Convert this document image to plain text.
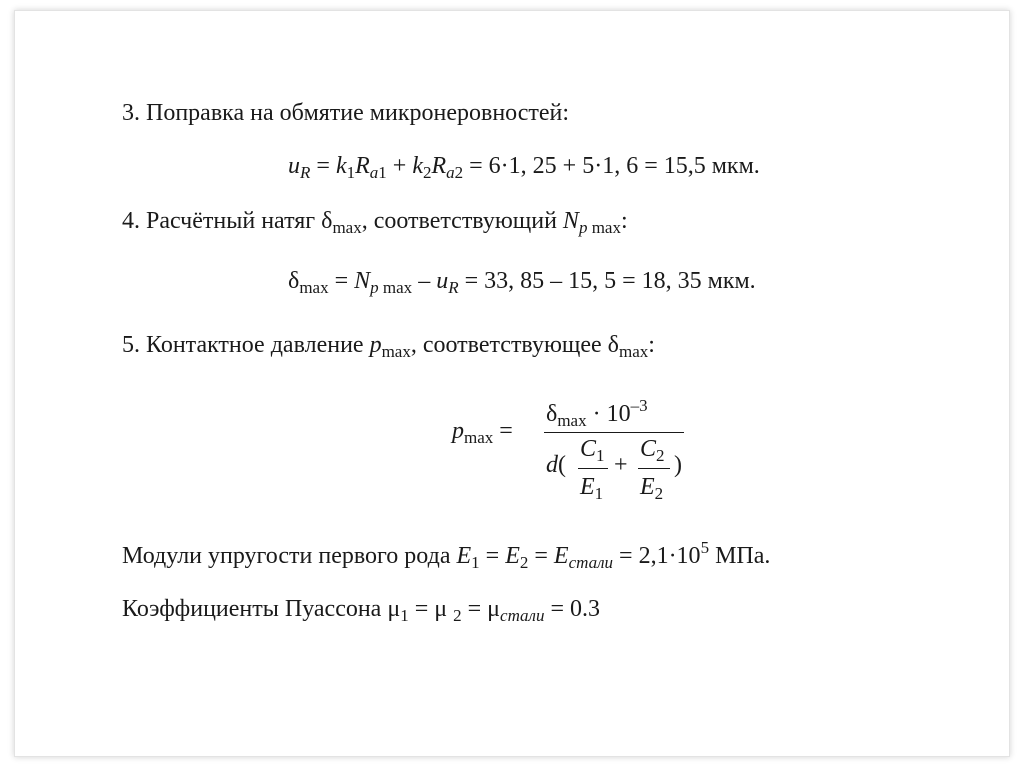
3. Поправка на обмятие микронеровностей:
$u_R = k_1R_{a1} + k_2R_{a2} = 6\cdot 1$, 25 + 5·1, 6 = 15,5 мкм.
4. Расчётный натяг $\delta_{max}$, соответствующий $N_{p max}$:
$\delta_{max} = N_{p max} - u_R = 33$, 85 – 15, 5 = 18, 35 мкм.
5. Контактное давление $p_{max}$, соответствующее $\delta_{max}$:
$p_{max}$ =
$\delta_{max} \cdot 10^{-3}$
d(
$C_1$
$E_1$
+
$C_2$
$E_2$
)
Модули упругости первого рода $E_1 = E_2 = E_{стали} = 2,1\cdot 10^5$ МПа.
Коэффициенты Пуассона $\mu_1 = \mu$ $_2 = \mu_{стали} = 0.3$
